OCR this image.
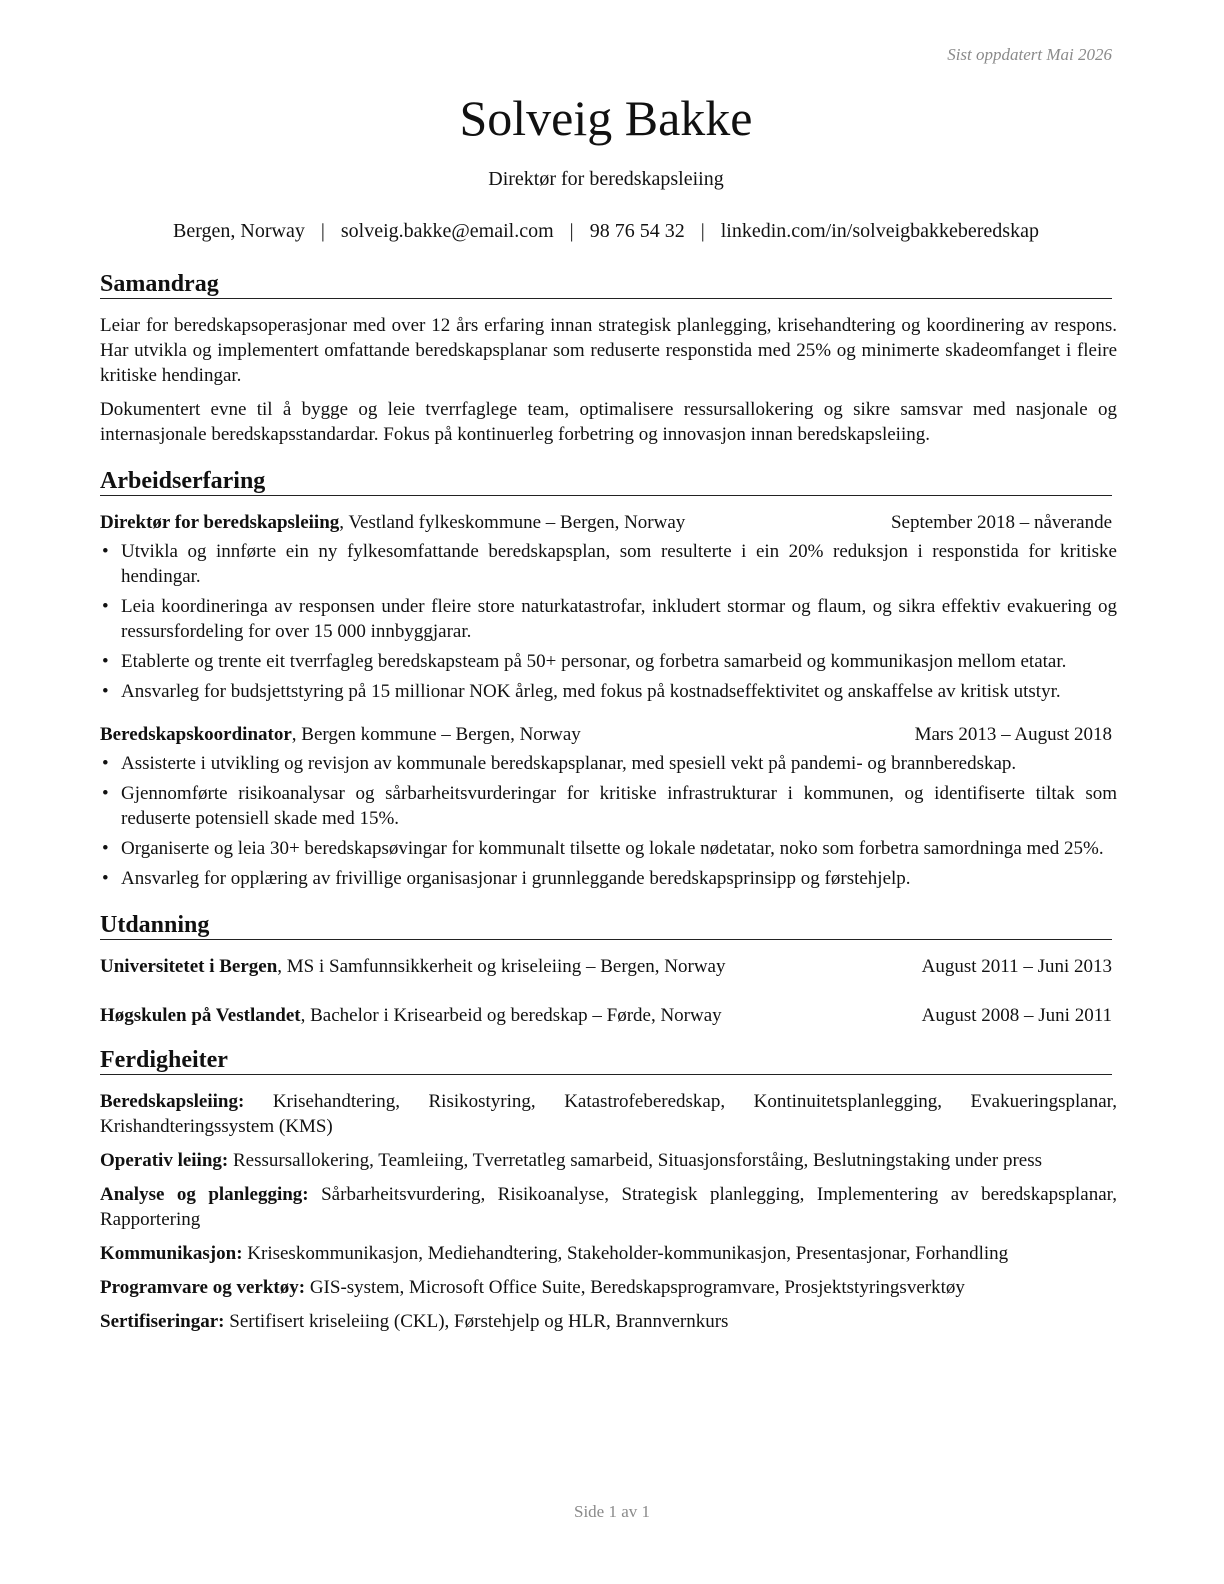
Sist oppdatert Mai 2026
Solveig Bakke
Direktør for beredskapsleiing
Bergen, Norway | solveig.bakke@email.com | 98 76 54 32 | linkedin.com/in/solveigbakkeberedskap
Samandrag

Leiar for beredskapsoperasjonar med over 12 års erfaring innan strategisk planlegging, krisehandtering og koordinering av respons. Har utvikla og implementert omfattande beredskapsplanar som reduserte responstida med 25% og minimerte skadeomfanget i fleire kritiske hendingar.

Dokumentert evne til å bygge og leie tverrfaglege team, optimalisere ressursallokering og sikre samsvar med nasjonale og internasjonale beredskapsstandardar. Fokus på kontinuerleg forbetring og innovasjon innan beredskapsleiing.

Arbeidserfaring
Direktør for beredskapsleiing, Vestland fylkeskommune – Bergen, Norway	September 2018 – nåverande
• Utvikla og innførte ein ny fylkesomfattande beredskapsplan, som resulterte i ein 20% reduksjon i responstida for kritiske hendingar.
• Leia koordineringa av responsen under fleire store naturkatastrofar, inkludert stormar og flaum, og sikra effektiv evakuering og ressursfordeling for over 15 000 innbyggjarar.
• Etablerte og trente eit tverrfagleg beredskapsteam på 50+ personar, og forbetra samarbeid og kommunikasjon mellom etatar.
• Ansvarleg for budsjettstyring på 15 millionar NOK årleg, med fokus på kostnadseffektivitet og anskaffelse av kritisk utstyr.
Beredskapskoordinator, Bergen kommune – Bergen, Norway	Mars 2013 – August 2018
• Assisterte i utvikling og revisjon av kommunale beredskapsplanar, med spesiell vekt på pandemi- og brannberedskap.
• Gjennomførte risikoanalysar og sårbarheitsvurderingar for kritiske infrastrukturar i kommunen, og identifiserte tiltak som reduserte potensiell skade med 15%.
• Organiserte og leia 30+ beredskapsøvingar for kommunalt tilsette og lokale nødetatar, noko som forbetra samordninga med 25%.
• Ansvarleg for opplæring av frivillige organisasjonar i grunnleggande beredskapsprinsipp og førstehjelp.
Utdanning
Universitetet i Bergen, MS i Samfunnsikkerheit og kriseleiing – Bergen, Norway	August 2011 – Juni 2013
Høgskulen på Vestlandet, Bachelor i Krisearbeid og beredskap – Førde, Norway	August 2008 – Juni 2011
Ferdigheiter

Beredskapsleiing: Krisehandtering, Risikostyring, Katastrofeberedskap, Kontinuitetsplanlegging, Evakueringsplanar, Krishandteringssystem (KMS)

Operativ leiing: Ressursallokering, Teamleiing, Tverretatleg samarbeid, Situasjonsforståing, Beslutningstaking under press

Analyse og planlegging: Sårbarheitsvurdering, Risikoanalyse, Strategisk planlegging, Implementering av beredskapsplanar, Rapportering

Kommunikasjon: Kriseskommunikasjon, Mediehandtering, Stakeholder-kommunikasjon, Presentasjonar, Forhandling

Programvare og verktøy: GIS-system, Microsoft Office Suite, Beredskapsprogramvare, Prosjektstyringsverktøy

Sertifiseringar: Sertifisert kriseleiing (CKL), Førstehjelp og HLR, Brannvernkurs

Side 1 av 1
